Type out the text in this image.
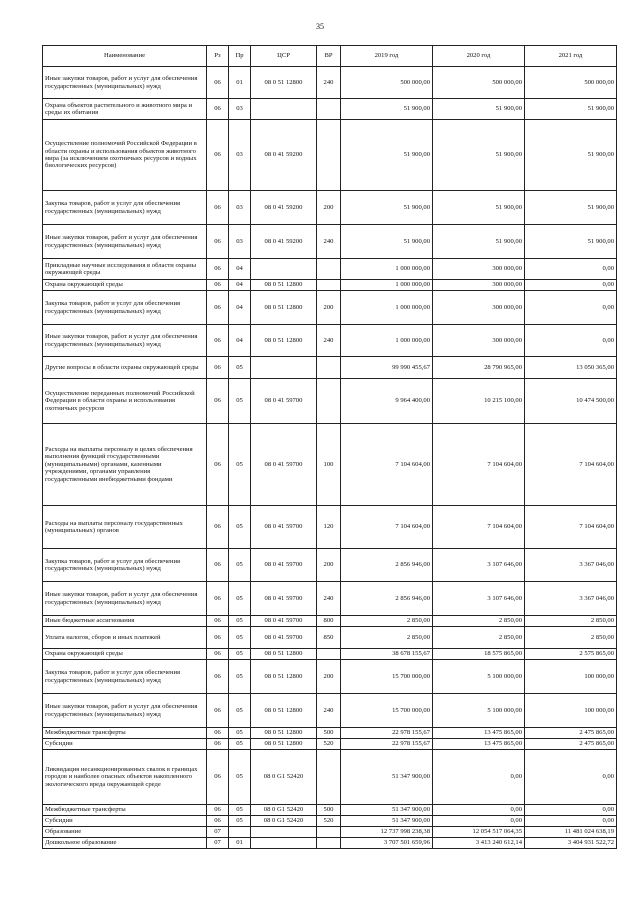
35
Наименование	Рз	Пр	ЦСР	ВР	2019 год	2020 год	2021 год
Иные закупки товаров, работ и услуг для обеспечения государственных (муниципальных) нужд	06	01	08 0 51 12800	240	500 000,00	500 000,00	500 000,00
Охрана объектов растительного и животного мира и среды их обитания	06	03			51 900,00	51 900,00	51 900,00
Осуществление полномочий Российской Федерации в области охраны и использования объектов животного мира (за исключением охотничьих ресурсов и водных биологических ресурсов)	06	03	08 0 41 59200		51 900,00	51 900,00	51 900,00
Закупка товаров, работ и услуг для обеспечения государственных (муниципальных) нужд	06	03	08 0 41 59200	200	51 900,00	51 900,00	51 900,00
Иные закупки товаров, работ и услуг для обеспечения государственных (муниципальных) нужд	06	03	08 0 41 59200	240	51 900,00	51 900,00	51 900,00
Прикладные научные исследования в области охраны окружающей среды	06	04			1 000 000,00	300 000,00	0,00
Охрана окружающей среды	06	04	08 0 51 12800		1 000 000,00	300 000,00	0,00
Закупка товаров, работ и услуг для обеспечения государственных (муниципальных) нужд	06	04	08 0 51 12800	200	1 000 000,00	300 000,00	0,00
Иные закупки товаров, работ и услуг для обеспечения государственных (муниципальных) нужд	06	04	08 0 51 12800	240	1 000 000,00	300 000,00	0,00
Другие вопросы в области охраны окружающей среды	06	05			99 990 455,67	28 790 965,00	13 050 365,00
Осуществление переданных полномочий Российской Федерации в области охраны и использования охотничьих ресурсов	06	05	08 0 41 59700		9 964 400,00	10 215 100,00	10 474 500,00
Расходы на выплаты персоналу в целях обеспечения выполнения функций государственными (муниципальными) органами, казенными учреждениями, органами управления государственными внебюджетными фондами	06	05	08 0 41 59700	100	7 104 604,00	7 104 604,00	7 104 604,00
Расходы на выплаты персоналу государственных (муниципальных) органов	06	05	08 0 41 59700	120	7 104 604,00	7 104 604,00	7 104 604,00
Закупка товаров, работ и услуг для обеспечения государственных (муниципальных) нужд	06	05	08 0 41 59700	200	2 856 946,00	3 107 646,00	3 367 046,00
Иные закупки товаров, работ и услуг для обеспечения государственных (муниципальных) нужд	06	05	08 0 41 59700	240	2 856 946,00	3 107 646,00	3 367 046,00
Иные бюджетные ассигнования	06	05	08 0 41 59700	800	2 850,00	2 850,00	2 850,00
Уплата налогов, сборов и иных платежей	06	05	08 0 41 59700	850	2 850,00	2 850,00	2 850,00
Охрана окружающей среды	06	05	08 0 51 12800		38 678 155,67	18 575 865,00	2 575 865,00
Закупка товаров, работ и услуг для обеспечения государственных (муниципальных) нужд	06	05	08 0 51 12800	200	15 700 000,00	5 100 000,00	100 000,00
Иные закупки товаров, работ и услуг для обеспечения государственных (муниципальных) нужд	06	05	08 0 51 12800	240	15 700 000,00	5 100 000,00	100 000,00
Межбюджетные трансферты	06	05	08 0 51 12800	500	22 978 155,67	13 475 865,00	2 475 865,00
Субсидии	06	05	08 0 51 12800	520	22 978 155,67	13 475 865,00	2 475 865,00
Ликвидация несанкционированных свалок в границах городов и наиболее опасных объектов накопленного экологического вреда окружающей среде	06	05	08 0 G1 52420		51 347 900,00	0,00	0,00
Межбюджетные трансферты	06	05	08 0 G1 52420	500	51 347 900,00	0,00	0,00
Субсидии	06	05	08 0 G1 52420	520	51 347 900,00	0,00	0,00
Образование	07				12 737 998 238,38	12 054 517 064,35	11 481 024 638,19
Дошкольное образование	07	01			3 707 501 659,96	3 413 240 612,14	3 404 931 522,72
